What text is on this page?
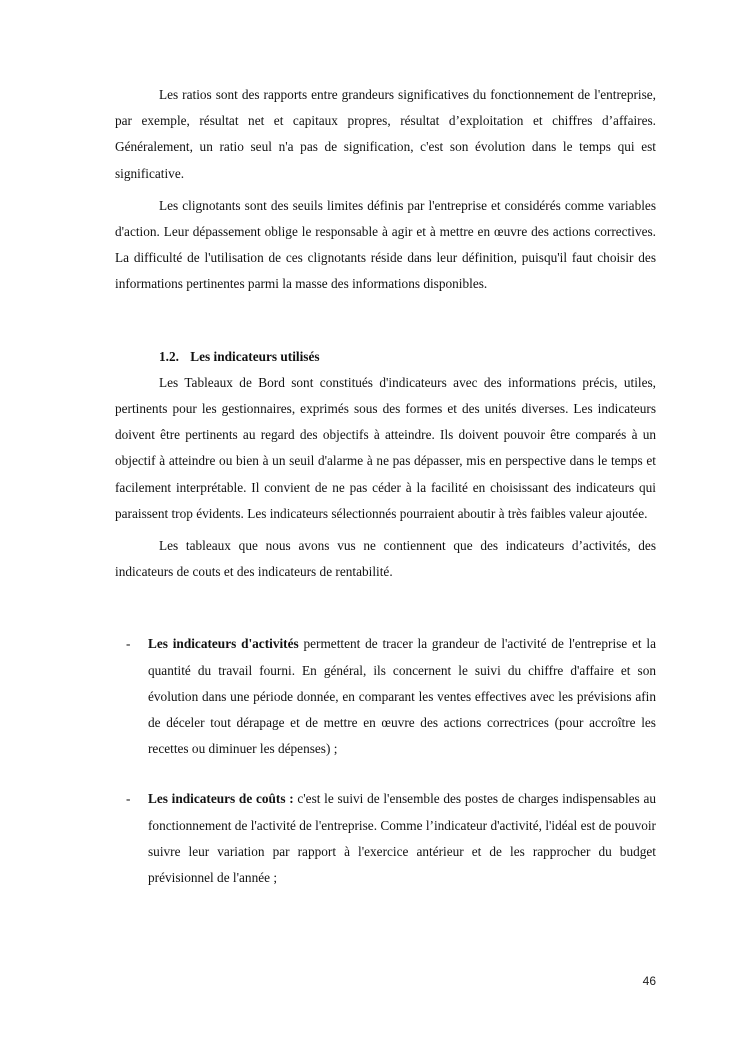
Les ratios sont des rapports entre grandeurs significatives du fonctionnement de l'entreprise, par exemple, résultat net et capitaux propres, résultat d’exploitation et chiffres d’affaires. Généralement, un ratio seul n'a pas de signification, c'est son évolution dans le temps qui est significative.

Les clignotants sont des seuils limites définis par l'entreprise et considérés comme variables d'action. Leur dépassement oblige le responsable à agir et à mettre en œuvre des actions correctives. La difficulté de l'utilisation de ces clignotants réside dans leur définition, puisqu'il faut choisir des informations pertinentes parmi la masse des informations disponibles.

1.2. Les indicateurs utilisés

Les Tableaux de Bord sont constitués d'indicateurs avec des informations précis, utiles, pertinents pour les gestionnaires, exprimés sous des formes et des unités diverses. Les indicateurs doivent être pertinents au regard des objectifs à atteindre. Ils doivent pouvoir être comparés à un objectif à atteindre ou bien à un seuil d'alarme à ne pas dépasser, mis en perspective dans le temps et facilement interprétable. Il convient de ne pas céder à la facilité en choisissant des indicateurs qui paraissent trop évidents. Les indicateurs sélectionnés pourraient aboutir à très faibles valeur ajoutée.

Les tableaux que nous avons vus ne contiennent que des indicateurs d’activités, des indicateurs de couts et des indicateurs de rentabilité.

- Les indicateurs d'activités permettent de tracer la grandeur de l'activité de l'entreprise et la quantité du travail fourni. En général, ils concernent le suivi du chiffre d'affaire et son évolution dans une période donnée, en comparant les ventes effectives avec les prévisions afin de déceler tout dérapage et de mettre en œuvre des actions correctrices (pour accroître les recettes ou diminuer les dépenses) ;
- Les indicateurs de coûts : c'est le suivi de l'ensemble des postes de charges indispensables au fonctionnement de l'activité de l'entreprise. Comme l’indicateur d'activité, l'idéal est de pouvoir suivre leur variation par rapport à l'exercice antérieur et de les rapprocher du budget prévisionnel de l'année ;
46
